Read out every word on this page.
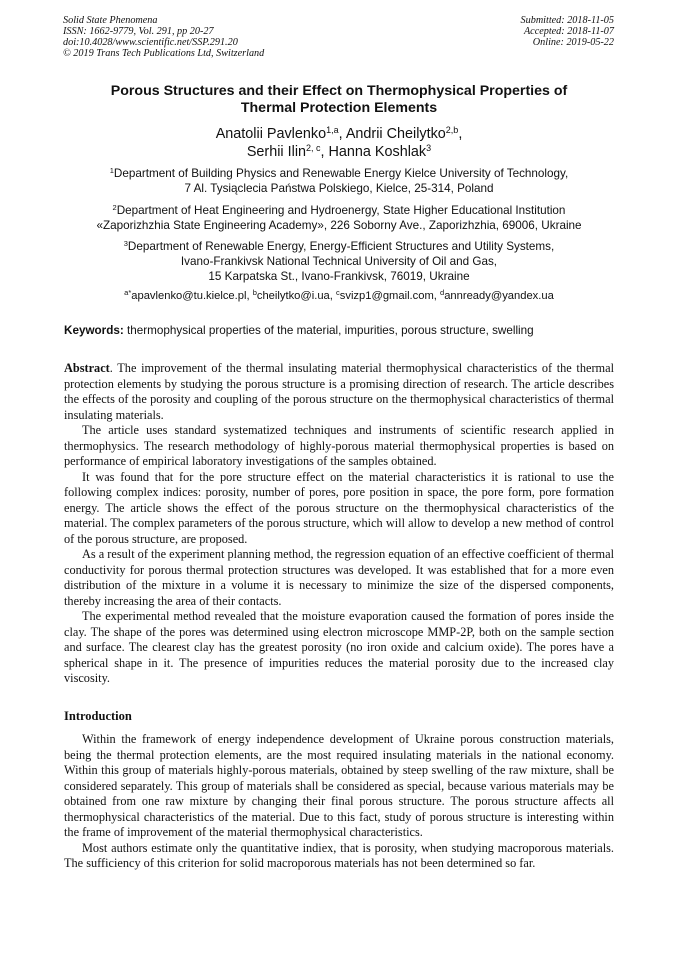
Solid State Phenomena
ISSN: 1662-9779, Vol. 291, pp 20-27
doi:10.4028/www.scientific.net/SSP.291.20
© 2019 Trans Tech Publications Ltd, Switzerland
Submitted: 2018-11-05
Accepted: 2018-11-07
Online: 2019-05-22
Porous Structures and their Effect on Thermophysical Properties of
Thermal Protection Elements
Anatolii Pavlenko$^{1,a}$, Andrii Cheilytko$^{2,b}$,
Serhii Ilin$^{2, c}$, Hanna Koshlak$^3$
$^1$Department of Building Physics and Renewable Energy Kielce University of Technology,
7 Al. Tysiąclecia Państwa Polskiego, Kielce, 25-314, Poland
$^2$Department of Heat Engineering and Hydroenergy, State Higher Educational Institution
«Zaporizhzhia State Engineering Academy», 226 Soborny Ave., Zaporizhzhia, 69006, Ukraine
$^3$Department of Renewable Energy, Energy-Efficient Structures and Utility Systems,
Ivano-Frankivsk National Technical University of Oil and Gas,
15 Karpatska St., Ivano-Frankivsk, 76019, Ukraine
$^{a*}$apavlenko@tu.kielce.pl, $^b$cheilytko@i.ua, $^c$svizp1@gmail.com, $^d$annready@yandex.ua
Keywords: thermophysical properties of the material, impurities, porous structure, swelling

Abstract. The improvement of the thermal insulating material thermophysical characteristics of the thermal protection elements by studying the porous structure is a promising direction of research. The article describes the effects of the porosity and coupling of the porous structure on the thermophysical characteristics of thermal insulating materials.

The article uses standard systematized techniques and instruments of scientific research applied in thermophysics. The research methodology of highly-porous material thermophysical properties is based on performance of empirical laboratory investigations of the samples obtained.

It was found that for the pore structure effect on the material characteristics it is rational to use the following complex indices: porosity, number of pores, pore position in space, the pore form, pore formation energy. The article shows the effect of the porous structure on the thermophysical characteristics of the material. The complex parameters of the porous structure, which will allow to develop a new method of control of the porous structure, are proposed.

As a result of the experiment planning method, the regression equation of an effective coefficient of thermal conductivity for porous thermal protection structures was developed. It was established that for a more even distribution of the mixture in a volume it is necessary to minimize the size of the dispersed components, thereby increasing the area of their contacts.

The experimental method revealed that the moisture evaporation caused the formation of pores inside the clay. The shape of the pores was determined using electron microscope MMP-2P, both on the sample section and surface. The clearest clay has the greatest porosity (no iron oxide and calcium oxide). The pores have a spherical shape in it. The presence of impurities reduces the material porosity due to the increased clay viscosity.

Introduction

Within the framework of energy independence development of Ukraine porous construction materials, being the thermal protection elements, are the most required insulating materials in the national economy. Within this group of materials highly-porous materials, obtained by steep swelling of the raw mixture, shall be considered separately. This group of materials shall be considered as special, because various materials may be obtained from one raw mixture by changing their final porous structure. The porous structure affects all thermophysical characteristics of the material. Due to this fact, study of porous structure is interesting within the frame of improvement of the material thermophysical characteristics.

Most authors estimate only the quantitative indiex, that is porosity, when studying macroporous materials. The sufficiency of this criterion for solid macroporous materials has not been determined so far.
